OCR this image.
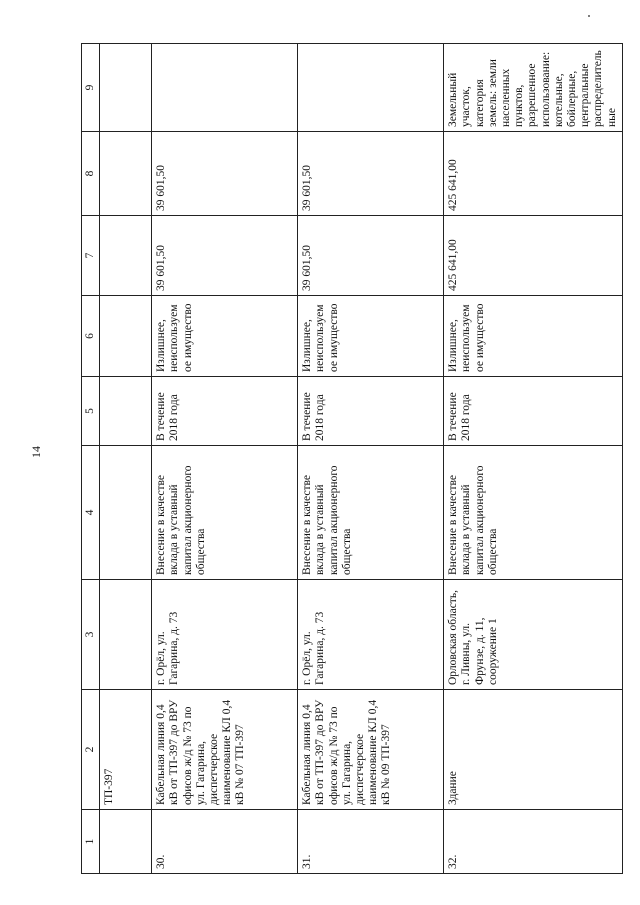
14
1	2	3	4	5	6	7	8	9
	ТП-397							
30.	Кабельная линия 0,4 кВ от ТП-397 до ВРУ офисов ж/д № 73 по ул. Гагарина, диспетчерское наименование КЛ 0,4 кВ № 07 ТП-397	г. Орёл, ул. Гагарина, д. 73	Внесение в качестве вклада в уставный капитал акционерного общества	В течение 2018 года	Излишнее, неиспользуемое имущество	39 601,50	39 601,50	
31.	Кабельная линия 0,4 кВ от ТП-397 до ВРУ офисов ж/д № 73 по ул. Гагарина, диспетчерское наименование КЛ 0,4 кВ № 09 ТП-397	г. Орёл, ул. Гагарина, д. 73	Внесение в качестве вклада в уставный капитал акционерного общества	В течение 2018 года	Излишнее, неиспользуемое имущество	39 601,50	39 601,50	
32.	Здание	Орловская область, г. Ливны, ул. Фрунзе, д. 11, сооружение 1	Внесение в качестве вклада в уставный капитал акционерного общества	В течение 2018 года	Излишнее, неиспользуемое имущество	425 641,00	425 641,00	Земельный участок, категория земель: земли населенных пунктов, разрешенное использование: котельные, бойлерные, центральные распределительные
